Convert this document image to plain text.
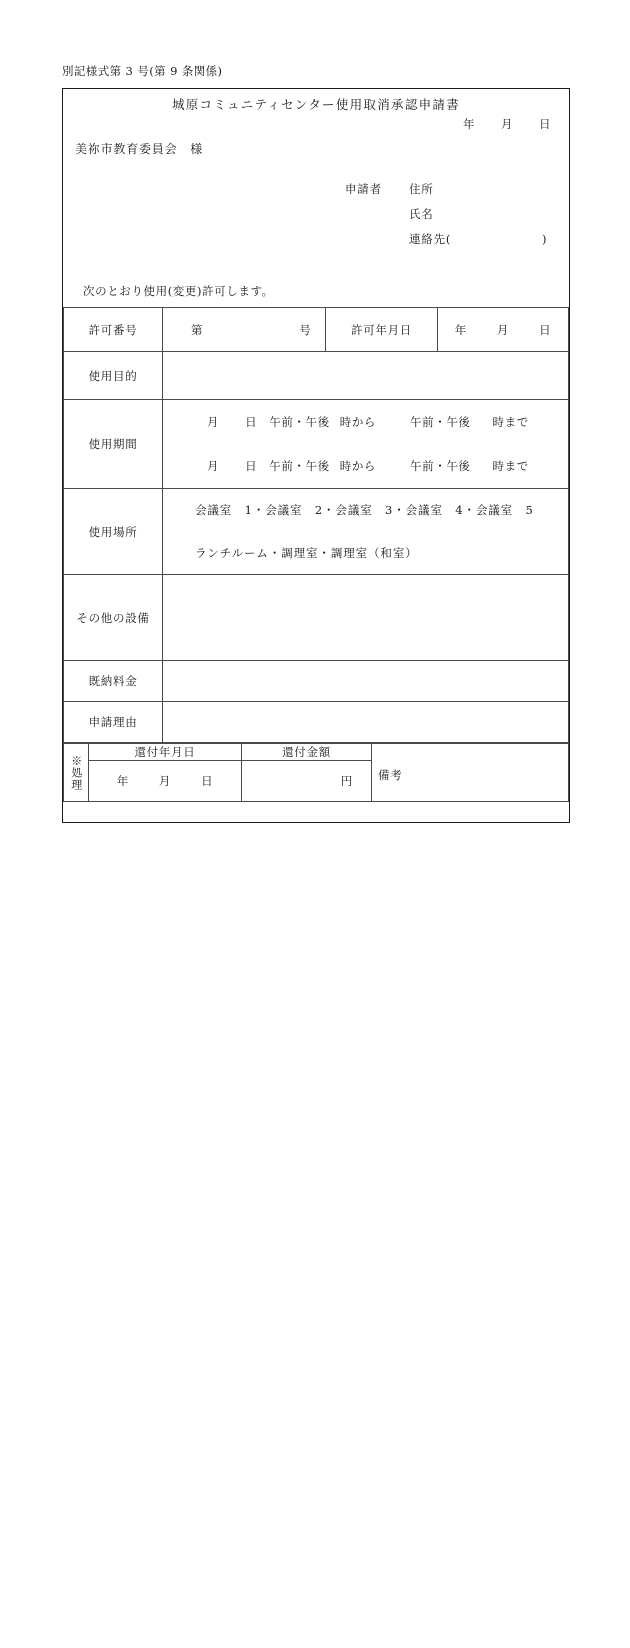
別記様式第 3 号(第 9 条関係)
城原コミュニティセンター使用取消承認申請書
年 月 日
美祢市教育委員会　様
申請者 住所
氏名
連絡先(	)
次のとおり使用(変更)許可します。
許可番号	第 号	許可年月日	年 月 日

使用目的			
使用期間	月 日 午前・午後 時から 午前・午後 時まで
月 日 午前・午後 時から 午前・午後 時まで		

使用場所	会議室　1・会議室　2・会議室　3・会議室　4・会議室　5
ランチルーム・調理室・調理室（和室）		

その他の設備			
既納料金			
申請理由			
※処理	還付年月日	還付金額	備考

	年 月 日	円	
